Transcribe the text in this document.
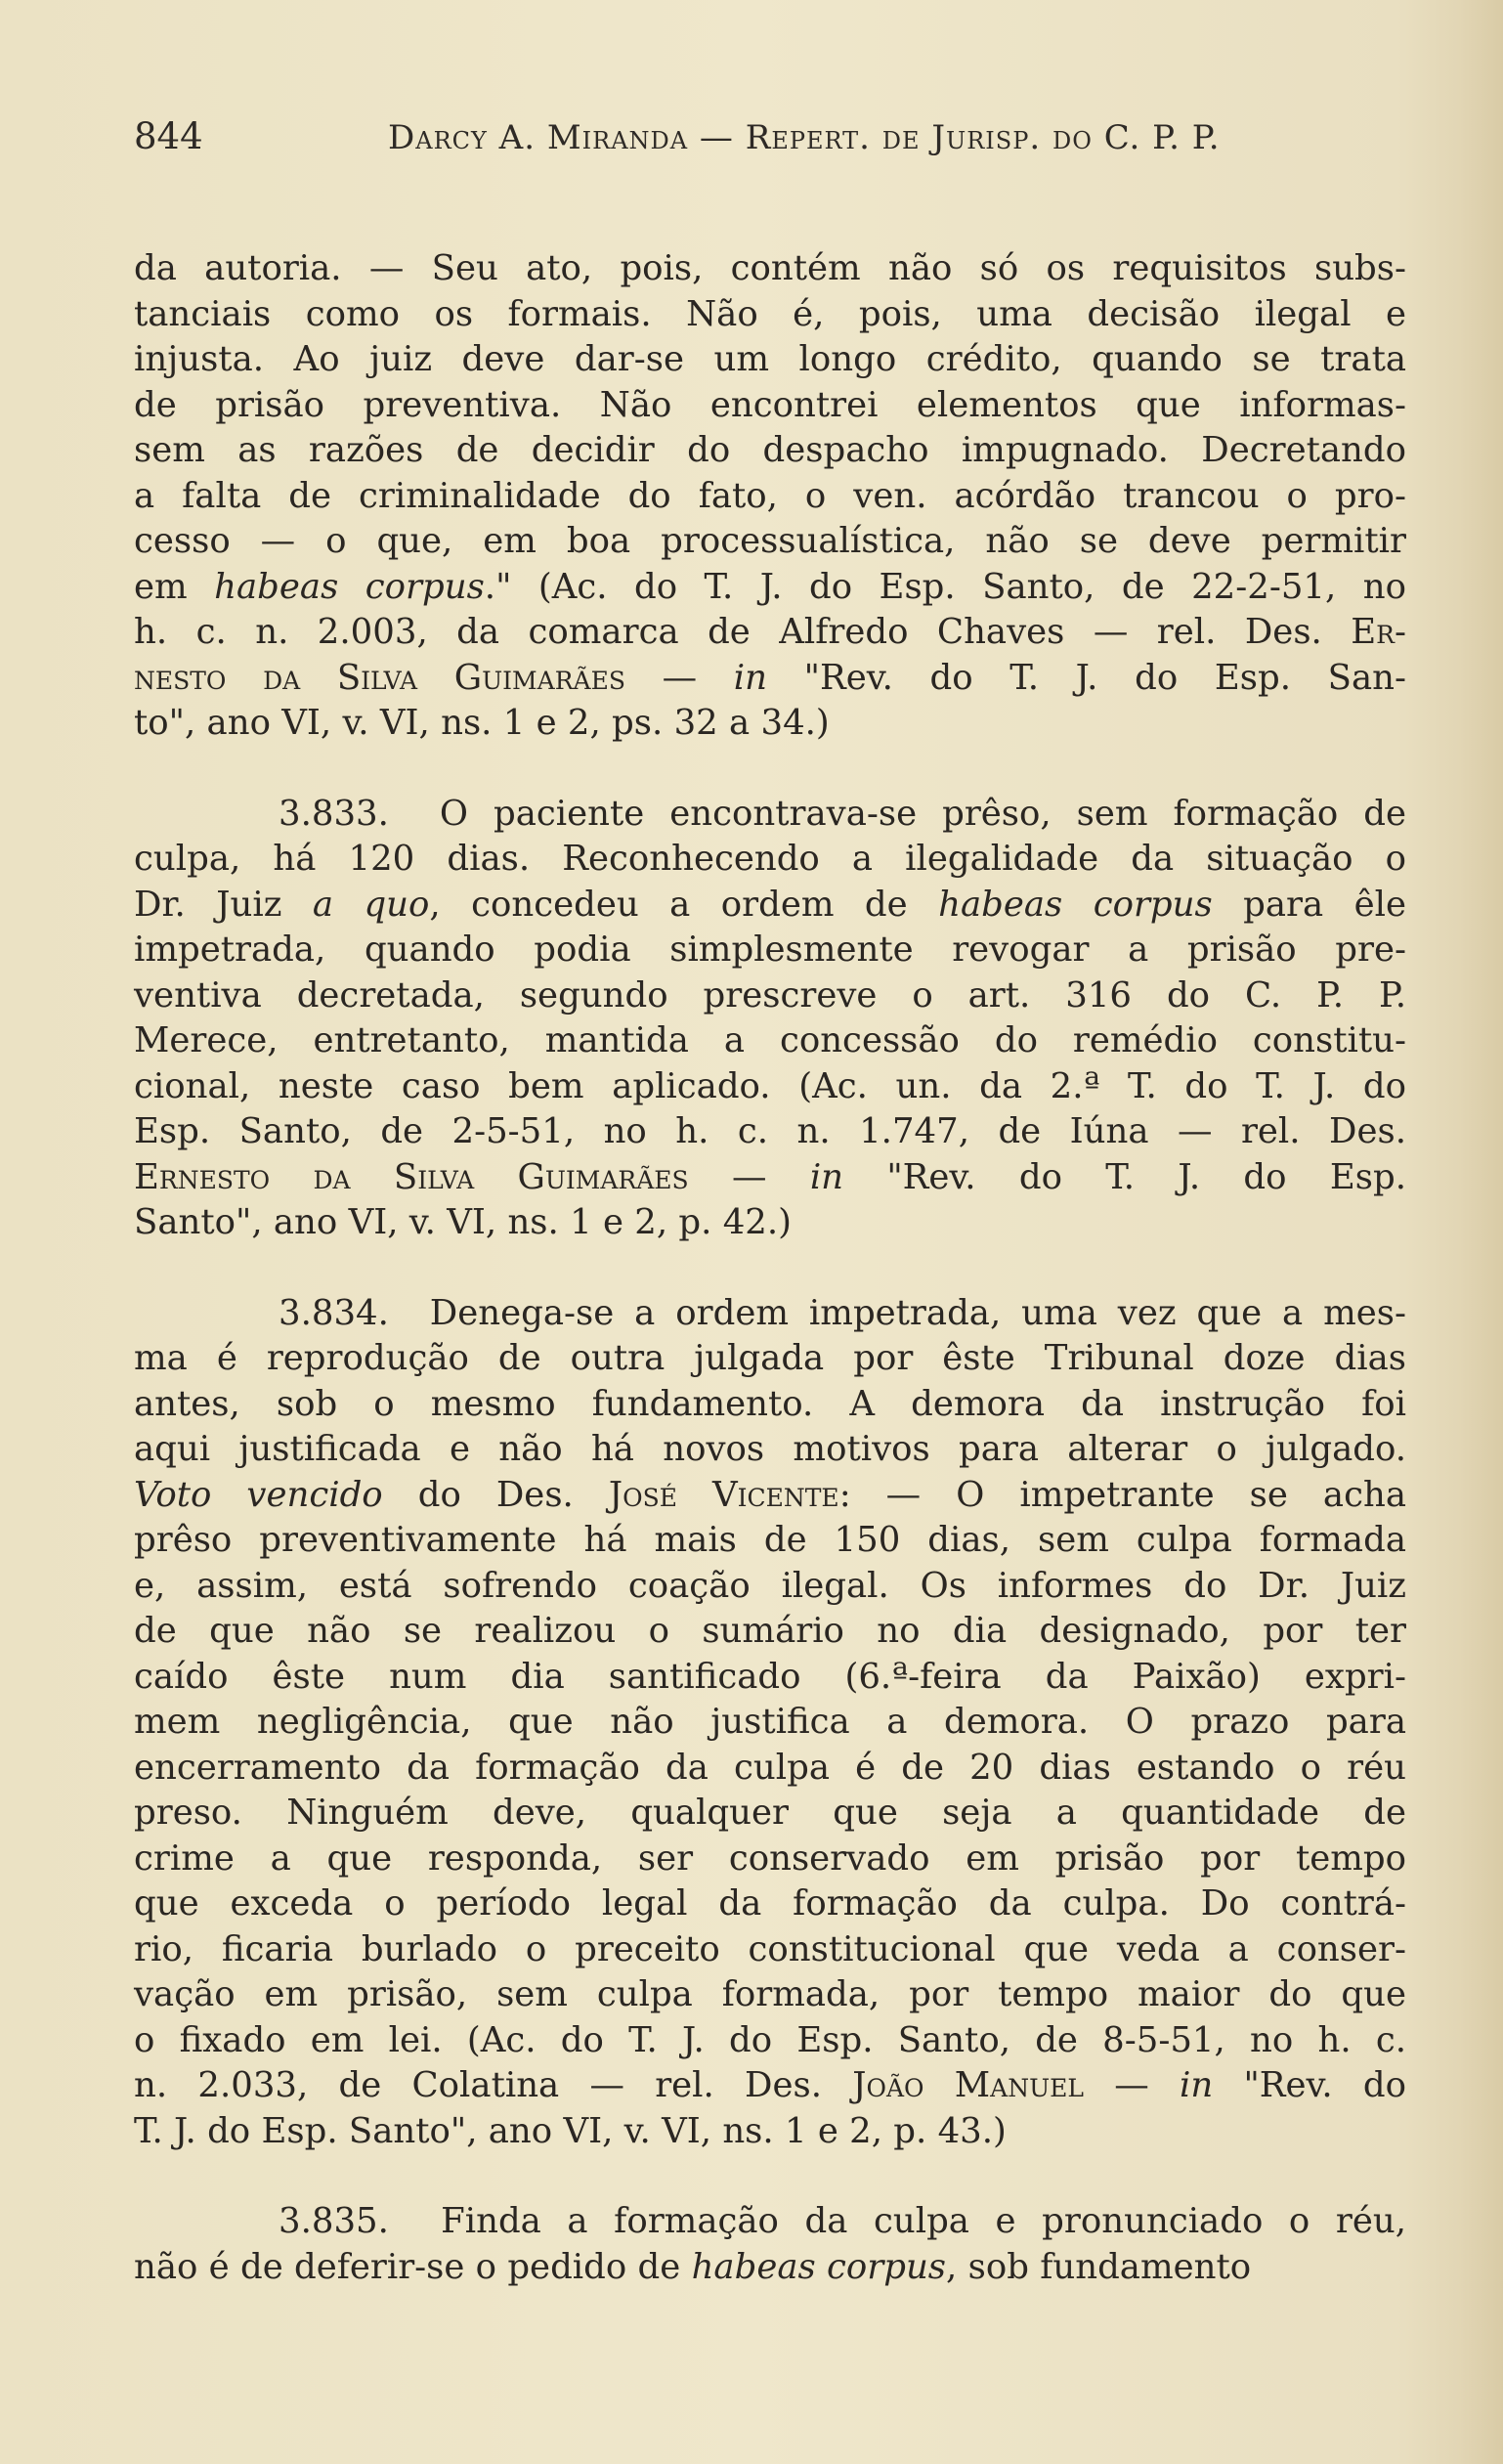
844	Darcy A. Miranda — Repert. de Jurisp. do C. P. P.
da autoria. — Seu ato, pois, contém não só os requisitos subs-
tanciais como os formais. Não é, pois, uma decisão ilegal e
injusta. Ao juiz deve dar-se um longo crédito, quando se trata
de prisão preventiva. Não encontrei elementos que informas-
sem as razões de decidir do despacho impugnado. Decretando
a falta de criminalidade do fato, o ven. acórdão trancou o pro-
cesso — o que, em boa processualística, não se deve permitir
em habeas corpus." (Ac. do T. J. do Esp. Santo, de 22-2-51, no
h. c. n. 2.003, da comarca de Alfredo Chaves — rel. Des. Er-
nesto da Silva Guimarães — in "Rev. do T. J. do Esp. San-
to", ano VI, v. VI, ns. 1 e 2, ps. 32 a 34.)
3.833.  O paciente encontrava-se prêso, sem formação de
culpa, há 120 dias. Reconhecendo a ilegalidade da situação o
Dr. Juiz a quo, concedeu a ordem de habeas corpus para êle
impetrada, quando podia simplesmente revogar a prisão pre-
ventiva decretada, segundo prescreve o art. 316 do C. P. P.
Merece, entretanto, mantida a concessão do remédio constitu-
cional, neste caso bem aplicado. (Ac. un. da 2.ª T. do T. J. do
Esp. Santo, de 2-5-51, no h. c. n. 1.747, de Iúna — rel. Des.
Ernesto da Silva Guimarães — in "Rev. do T. J. do Esp.
Santo", ano VI, v. VI, ns. 1 e 2, p. 42.)
3.834.  Denega-se a ordem impetrada, uma vez que a mes-
ma é reprodução de outra julgada por êste Tribunal doze dias
antes, sob o mesmo fundamento. A demora da instrução foi
aqui justificada e não há novos motivos para alterar o julgado.
Voto vencido do Des. José Vicente: — O impetrante se acha
prêso preventivamente há mais de 150 dias, sem culpa formada
e, assim, está sofrendo coação ilegal. Os informes do Dr. Juiz
de que não se realizou o sumário no dia designado, por ter
caído êste num dia santificado (6.ª-feira da Paixão) expri-
mem negligência, que não justifica a demora. O prazo para
encerramento da formação da culpa é de 20 dias estando o réu
preso. Ninguém deve, qualquer que seja a quantidade de
crime a que responda, ser conservado em prisão por tempo
que exceda o período legal da formação da culpa. Do contrá-
rio, ficaria burlado o preceito constitucional que veda a conser-
vação em prisão, sem culpa formada, por tempo maior do que
o fixado em lei. (Ac. do T. J. do Esp. Santo, de 8-5-51, no h. c.
n. 2.033, de Colatina — rel. Des. João Manuel — in "Rev. do
T. J. do Esp. Santo", ano VI, v. VI, ns. 1 e 2, p. 43.)
3.835.  Finda a formação da culpa e pronunciado o réu,
não é de deferir-se o pedido de habeas corpus, sob fundamento
